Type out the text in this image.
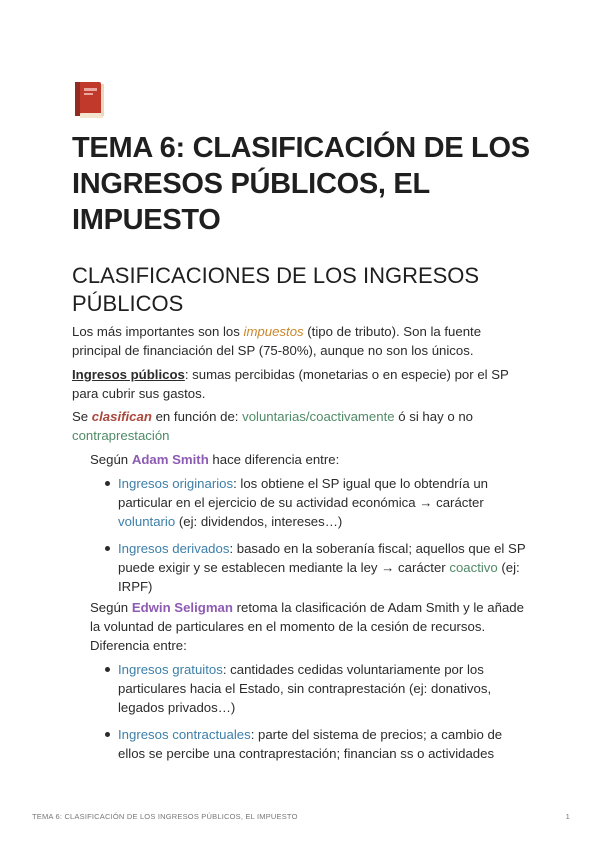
TEMA 6: CLASIFICACIÓN DE LOS INGRESOS PÚBLICOS, EL IMPUESTO
CLASIFICACIONES DE LOS INGRESOS PÚBLICOS

Los más importantes son los impuestos (tipo de tributo). Son la fuente principal de financiación del SP (75-80%), aunque no son los únicos.

Ingresos públicos: sumas percibidas (monetarias o en especie) por el SP para cubrir sus gastos.

Se clasifican en función de: voluntarias/coactivamente ó si hay o no contraprestación

Según Adam Smith hace diferencia entre:

Ingresos originarios: los obtiene el SP igual que lo obtendría un particular en el ejercicio de su actividad económica → carácter voluntario (ej: dividendos, intereses…)
Ingresos derivados: basado en la soberanía fiscal; aquellos que el SP puede exigir y se establecen mediante la ley → carácter coactivo (ej: IRPF)

Según Edwin Seligman retoma la clasificación de Adam Smith y le añade la voluntad de particulares en el momento de la cesión de recursos. Diferencia entre:

Ingresos gratuitos: cantidades cedidas voluntariamente por los particulares hacia el Estado, sin contraprestación (ej: donativos, legados privados…)
Ingresos contractuales: parte del sistema de precios; a cambio de ellos se percibe una contraprestación; financian ss o actividades
TEMA 6: CLASIFICACIÓN DE LOS INGRESOS PÚBLICOS, EL IMPUESTO	1
